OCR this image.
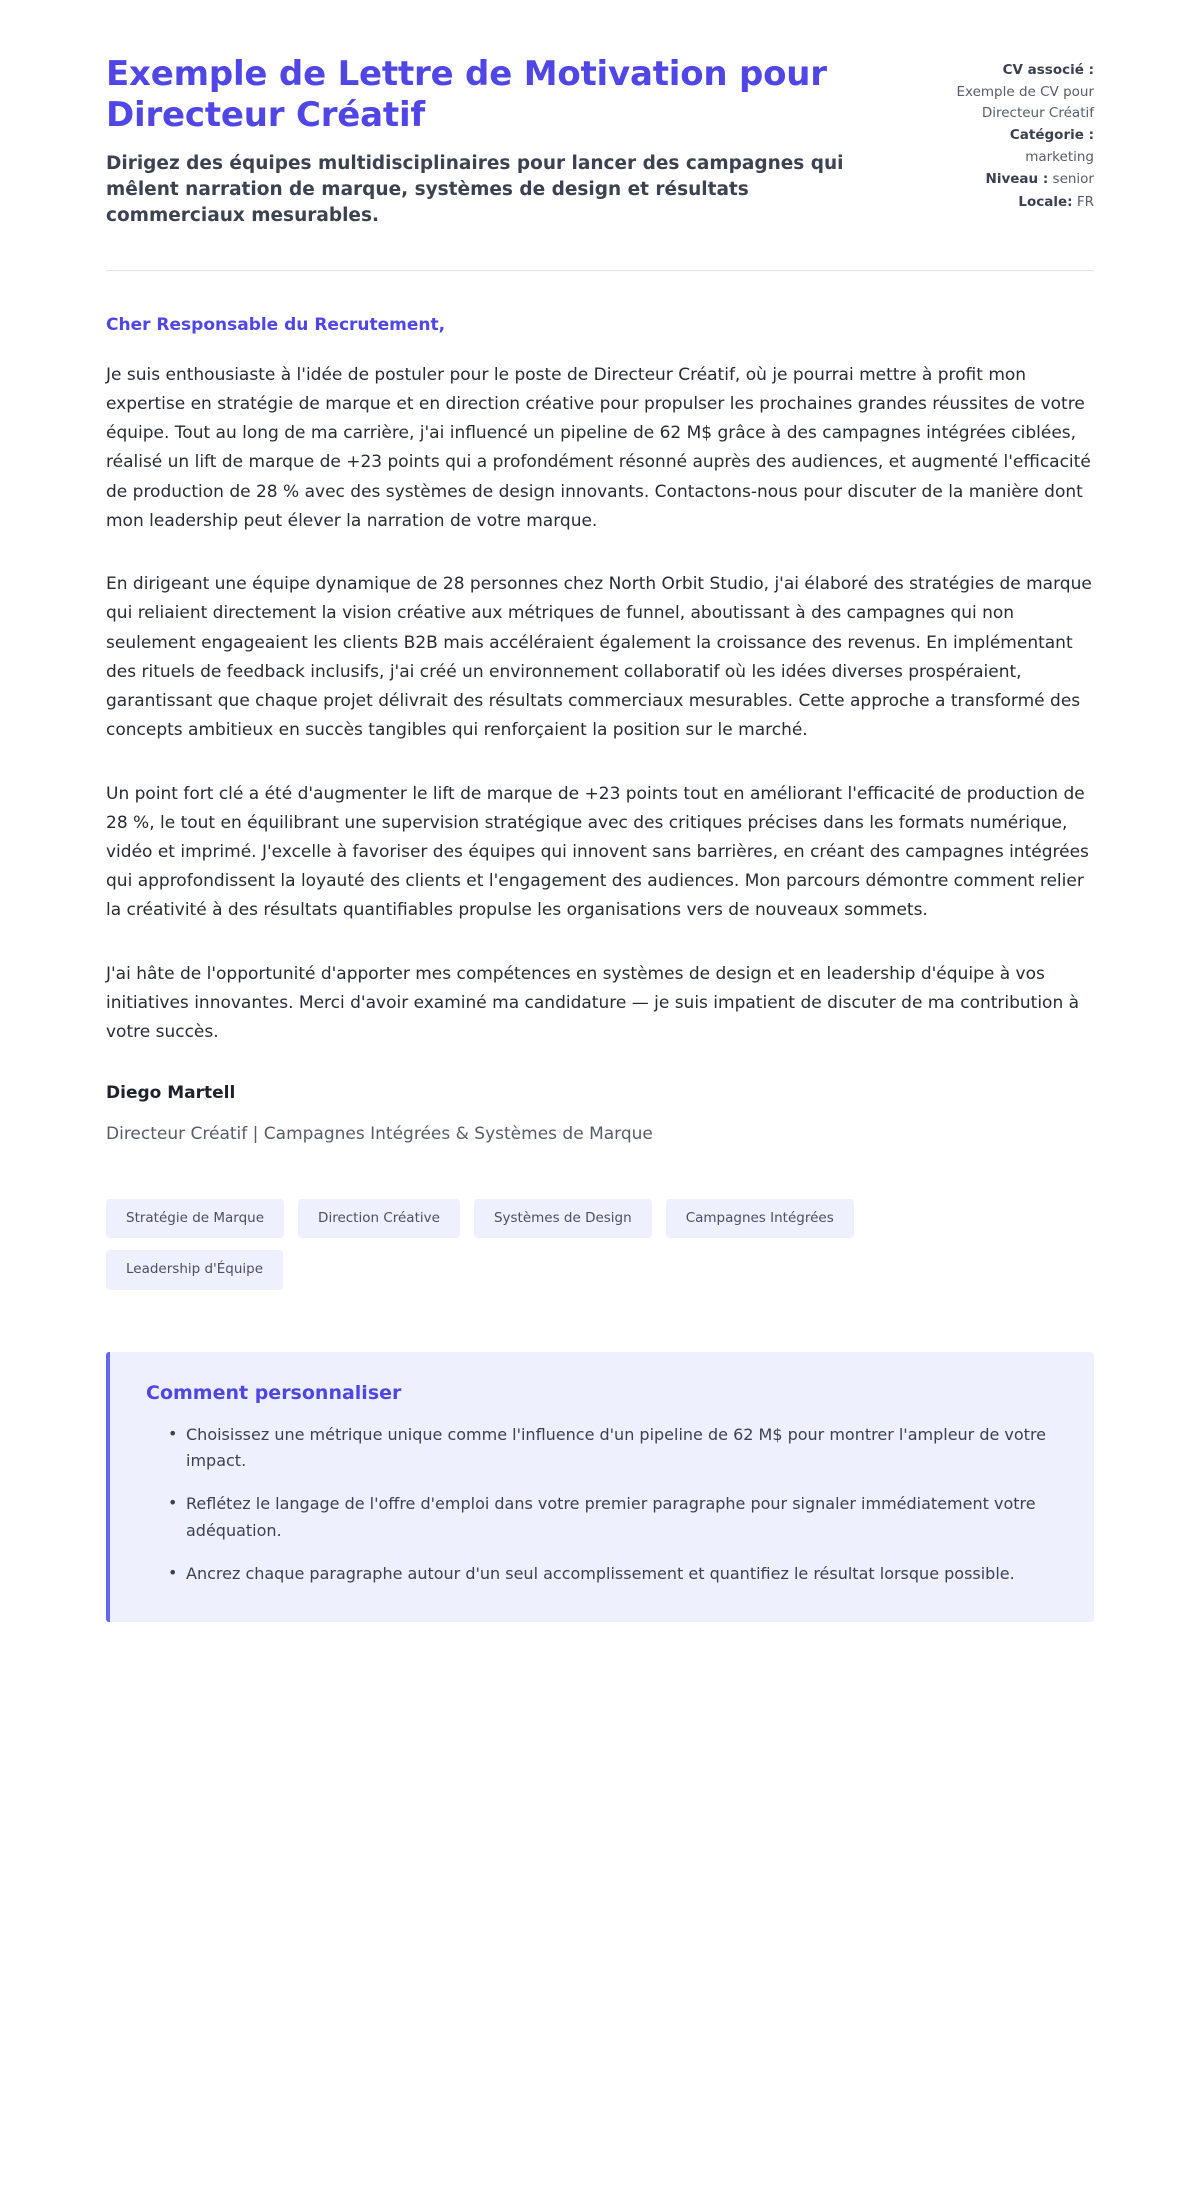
Exemple de Lettre de Motivation pour Directeur Créatif

Dirigez des équipes multidisciplinaires pour lancer des campagnes qui mêlent narration de marque, systèmes de design et résultats commerciaux mesurables.

CV associé :
Exemple de CV pour Directeur Créatif
Catégorie :
marketing
Niveau : senior
Locale: FR

Cher Responsable du Recrutement,

Je suis enthousiaste à l'idée de postuler pour le poste de Directeur Créatif, où je pourrai mettre à profit mon expertise en stratégie de marque et en direction créative pour propulser les prochaines grandes réussites de votre équipe. Tout au long de ma carrière, j'ai influencé un pipeline de 62 M$ grâce à des campagnes intégrées ciblées, réalisé un lift de marque de +23 points qui a profondément résonné auprès des audiences, et augmenté l'efficacité de production de 28 % avec des systèmes de design innovants. Contactons-nous pour discuter de la manière dont mon leadership peut élever la narration de votre marque.

En dirigeant une équipe dynamique de 28 personnes chez North Orbit Studio, j'ai élaboré des stratégies de marque qui reliaient directement la vision créative aux métriques de funnel, aboutissant à des campagnes qui non seulement engageaient les clients B2B mais accéléraient également la croissance des revenus. En implémentant des rituels de feedback inclusifs, j'ai créé un environnement collaboratif où les idées diverses prospéraient, garantissant que chaque projet délivrait des résultats commerciaux mesurables. Cette approche a transformé des concepts ambitieux en succès tangibles qui renforçaient la position sur le marché.

Un point fort clé a été d'augmenter le lift de marque de +23 points tout en améliorant l'efficacité de production de 28 %, le tout en équilibrant une supervision stratégique avec des critiques précises dans les formats numérique, vidéo et imprimé. J'excelle à favoriser des équipes qui innovent sans barrières, en créant des campagnes intégrées qui approfondissent la loyauté des clients et l'engagement des audiences. Mon parcours démontre comment relier la créativité à des résultats quantifiables propulse les organisations vers de nouveaux sommets.

J'ai hâte de l'opportunité d'apporter mes compétences en systèmes de design et en leadership d'équipe à vos initiatives innovantes. Merci d'avoir examiné ma candidature — je suis impatient de discuter de ma contribution à votre succès.

Diego Martell

Directeur Créatif | Campagnes Intégrées & Systèmes de Marque

Stratégie de Marque	Direction Créative	Systèmes de Design	Campagnes Intégrées
Leadership d'Équipe
Comment personnaliser
• Choisissez une métrique unique comme l'influence d'un pipeline de 62 M$ pour montrer l'ampleur de votre impact.
• Reflétez le langage de l'offre d'emploi dans votre premier paragraphe pour signaler immédiatement votre adéquation.
• Ancrez chaque paragraphe autour d'un seul accomplissement et quantifiez le résultat lorsque possible.
